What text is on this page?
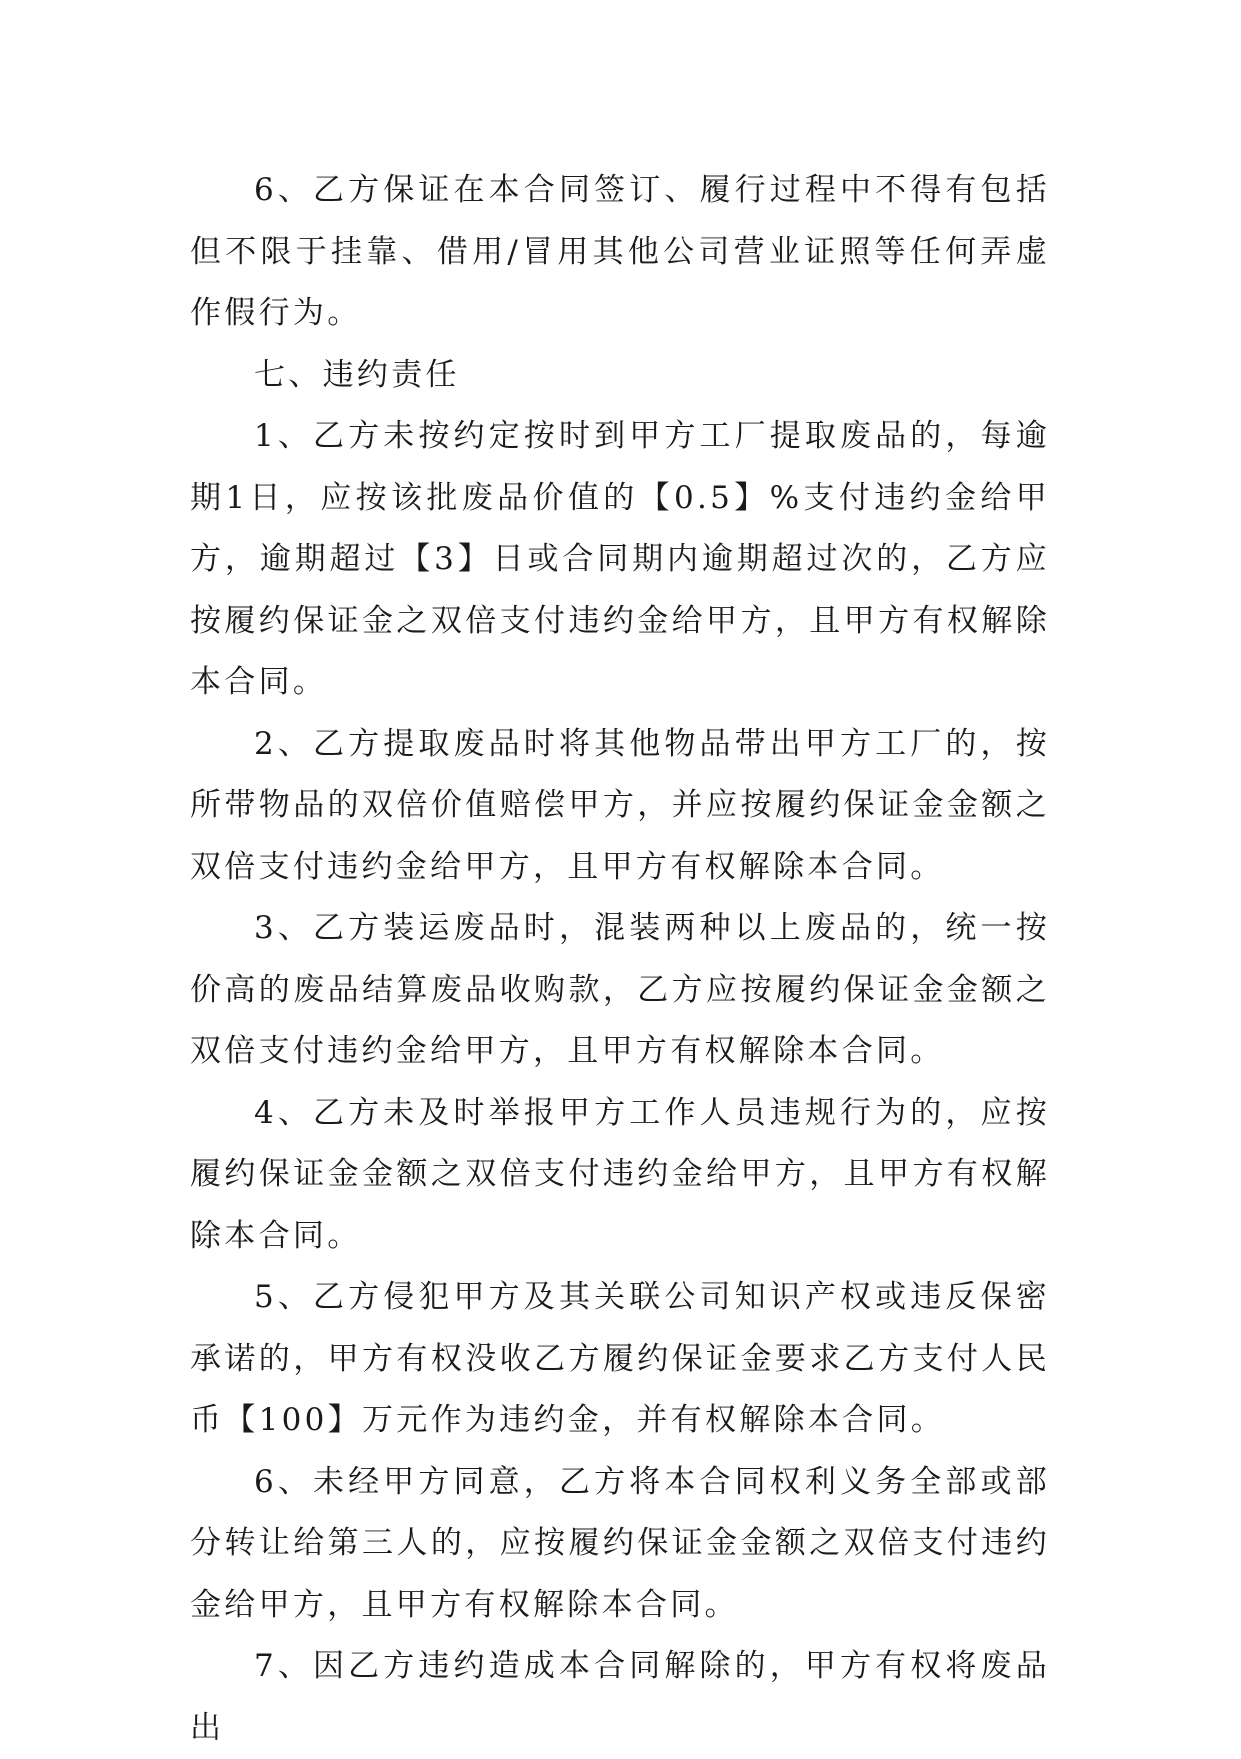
6、乙方保证在本合同签订、履行过程中不得有包括但不限于挂靠、借用/冒用其他公司营业证照等任何弄虚作假行为。

七、违约责任

1、乙方未按约定按时到甲方工厂提取废品的，每逾期1日，应按该批废品价值的【0.5】%支付违约金给甲方，逾期超过【3】日或合同期内逾期超过次的，乙方应按履约保证金之双倍支付违约金给甲方，且甲方有权解除本合同。

2、乙方提取废品时将其他物品带出甲方工厂的，按所带物品的双倍价值赔偿甲方，并应按履约保证金金额之双倍支付违约金给甲方，且甲方有权解除本合同。

3、乙方装运废品时，混装两种以上废品的，统一按价高的废品结算废品收购款，乙方应按履约保证金金额之双倍支付违约金给甲方，且甲方有权解除本合同。

4、乙方未及时举报甲方工作人员违规行为的，应按履约保证金金额之双倍支付违约金给甲方，且甲方有权解除本合同。

5、乙方侵犯甲方及其关联公司知识产权或违反保密承诺的，甲方有权没收乙方履约保证金要求乙方支付人民币【100】万元作为违约金，并有权解除本合同。

6、未经甲方同意，乙方将本合同权利义务全部或部分转让给第三人的，应按履约保证金金额之双倍支付违约金给甲方，且甲方有权解除本合同。

7、因乙方违约造成本合同解除的，甲方有权将废品出
